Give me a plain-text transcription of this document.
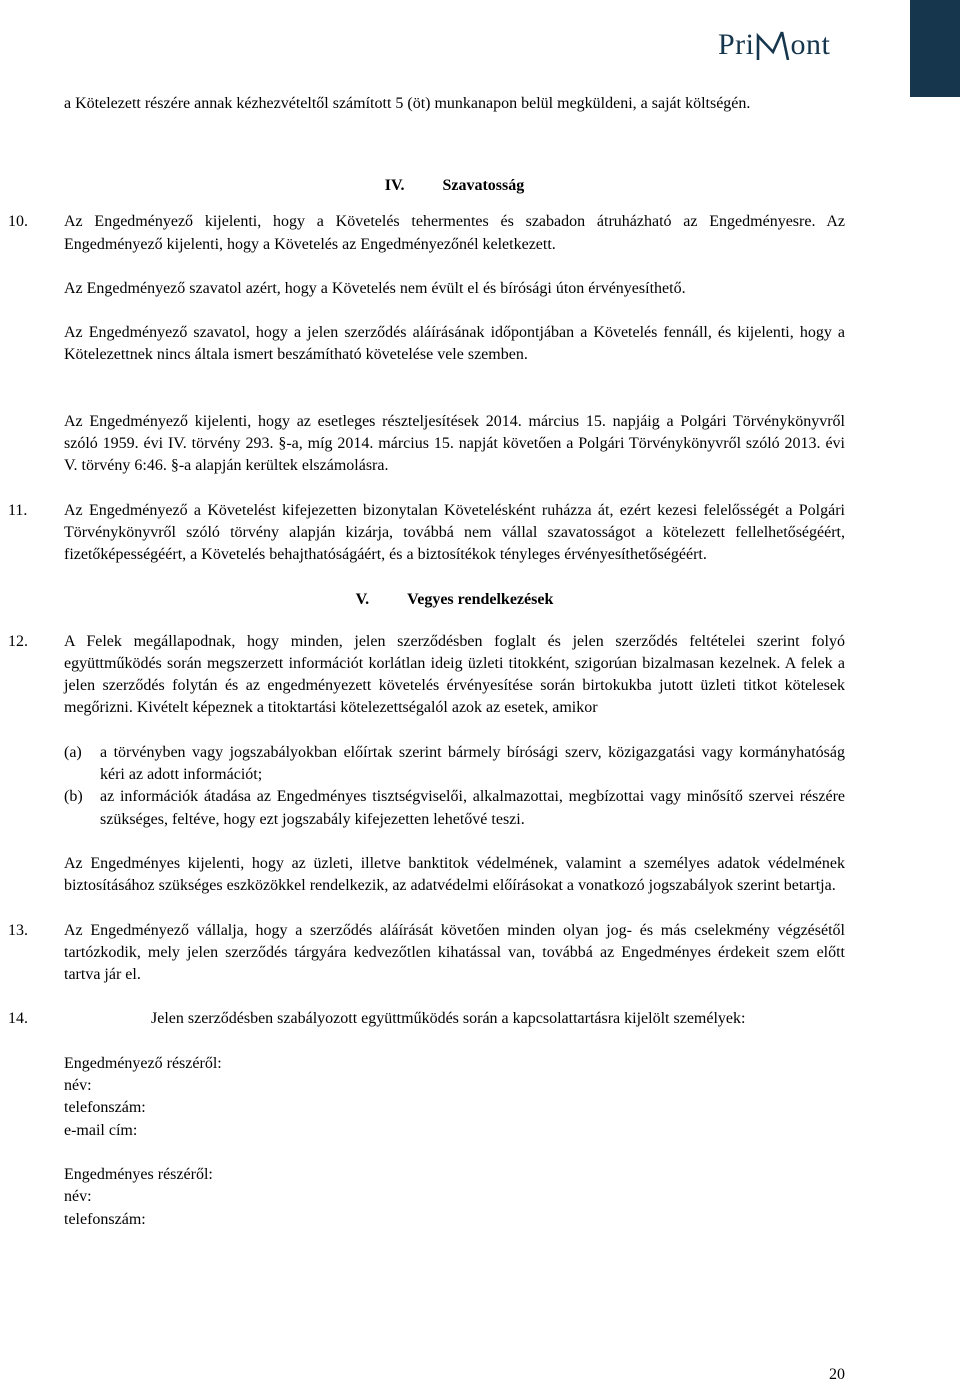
Pri ont

a Kötelezett részére annak kézhezvételtől számított 5 (öt) munkanapon belül megküldeni, a saját költségén.

IV. Szavatosság
10. Az Engedményező kijelenti, hogy a Követelés tehermentes és szabadon átruházható az Engedményesre. Az Engedményező kijelenti, hogy a Követelés az Engedményezőnél keletkezett.

Az Engedményező szavatol azért, hogy a Követelés nem évült el és bírósági úton érvényesíthető.

Az Engedményező szavatol, hogy a jelen szerződés aláírásának időpontjában a Követelés fennáll, és kijelenti, hogy a Kötelezettnek nincs általa ismert beszámítható követelése vele szemben.

Az Engedményező kijelenti, hogy az esetleges részteljesítések 2014. március 15. napjáig a Polgári Törvénykönyvről szóló 1959. évi IV. törvény 293. §-a, míg 2014. március 15. napját követően a Polgári Törvénykönyvről szóló 2013. évi V. törvény 6:46. §-a alapján kerültek elszámolásra.

11. Az Engedményező a Követelést kifejezetten bizonytalan Követelésként ruházza át, ezért kezesi felelősségét a Polgári Törvénykönyvről szóló törvény alapján kizárja, továbbá nem vállal szavatosságot a kötelezett fellelhetőségéért, fizetőképességéért, a Követelés behajthatóságáért, és a biztosítékok tényleges érvényesíthetőségéért.

V. Vegyes rendelkezések
12. A Felek megállapodnak, hogy minden, jelen szerződésben foglalt és jelen szerződés feltételei szerint folyó együttműködés során megszerzett információt korlátlan ideig üzleti titokként, szigorúan bizalmasan kezelnek. A felek a jelen szerződés folytán és az engedményezett követelés érvényesítése során birtokukba jutott üzleti titkot kötelesek megőrizni. Kivételt képeznek a titoktartási kötelezettségalól azok az esetek, amikor

(a) a törvényben vagy jogszabályokban előírtak szerint bármely bírósági szerv, közigazgatási vagy kormányhatóság kéri az adott információt;

(b) az információk átadása az Engedményes tisztségviselői, alkalmazottai, megbízottai vagy minősítő szervei részére szükséges, feltéve, hogy ezt jogszabály kifejezetten lehetővé teszi.

Az Engedményes kijelenti, hogy az üzleti, illetve banktitok védelmének, valamint a személyes adatok védelmének biztosításához szükséges eszközökkel rendelkezik, az adatvédelmi előírásokat a vonatkozó jogszabályok szerint betartja.

13. Az Engedményező vállalja, hogy a szerződés aláírását követően minden olyan jog- és más cselekmény végzésétől tartózkodik, mely jelen szerződés tárgyára kedvezőtlen kihatással van, továbbá az Engedményes érdekeit szem előtt tartva jár el.

14.	Jelen szerződésben szabályozott együttműködés során a kapcsolattartásra kijelölt személyek:

Engedményező részéről:
név:
telefonszám:
e-mail cím:
Engedményes részéről:
név:
telefonszám:
20
